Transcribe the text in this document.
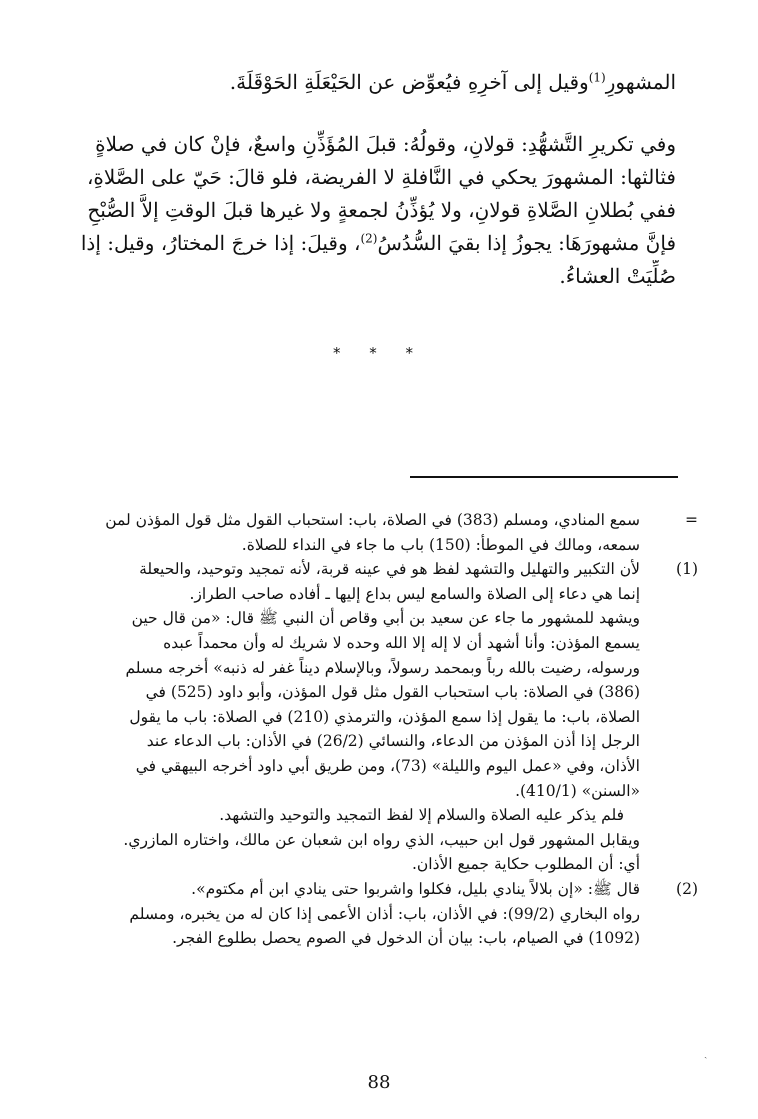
المشهورِ$^{(1)}$وقيل إلى آخرِهِ فيُعوِّض عن الحَيْعَلَةِ الحَوْقَلَةَ.
وفي تكريرِ التَّشهُّدِ: قولانِ، وقولُهُ: قبلَ المُؤَذِّنِ واسعٌ، فإنْ كان في صلاةٍ
فثالثها: المشهورَ يحكي في النَّافلةِ لا الفريضة، فلو قالَ: حَيّ على الصَّلاةِ،
ففي بُطلانِ الصَّلاةِ قولانِ، ولا يُؤذِّنُ لجمعةٍ ولا غيرها قبلَ الوقتِ إلاَّ الصُّبْحِ
فإنَّ مشهورَهَا: يجوزُ إذا بقيَ السُّدُسُ$^{(2)}$، وقيلَ: إذا خرجَ المختارُ، وقيل: إذا
صُلِّيَتْ العشاءُ.
* * *
=
سمع المنادي، ومسلم (383) في الصلاة، باب: استحباب القول مثل قول المؤذن لمن
سمعه، ومالك في الموطأ: (150) باب ما جاء في النداء للصلاة.
(1)
لأن التكبير والتهليل والتشهد لفظ هو في عينه قربة، لأنه تمجيد وتوحيد، والحيعلة
إنما هي دعاء إلى الصلاة والسامع ليس بداع إليها ـ أفاده صاحب الطراز.
ويشهد للمشهور ما جاء عن سعيد بن أبي وقاص أن النبي ﷺ قال: «من قال حين
يسمع المؤذن: وأنا أشهد أن لا إله إلا الله وحده لا شريك له وأن محمداً عبده
ورسوله، رضيت بالله رباً وبمحمد رسولاً، وبالإسلام ديناً غفر له ذنبه» أخرجه مسلم
(386) في الصلاة: باب استحباب القول مثل قول المؤذن، وأبو داود (525) في
الصلاة، باب: ما يقول إذا سمع المؤذن، والترمذي (210) في الصلاة: باب ما يقول
الرجل إذا أذن المؤذن من الدعاء، والنسائي (26/2) في الأذان: باب الدعاء عند
الأذان، وفي «عمل اليوم والليلة» (73)، ومن طريق أبي داود أخرجه البيهقي في
«السنن» (410/1).
فلم يذكر عليه الصلاة والسلام إلا لفظ التمجيد والتوحيد والتشهد.
ويقابل المشهور قول ابن حبيب، الذي رواه ابن شعبان عن مالك، واختاره المازري.
أي: أن المطلوب حكاية جميع الأذان.
(2)
قال ﷺ: «إن بلالاً ينادي بليل، فكلوا واشربوا حتى ينادي ابن أم مكتوم».
رواه البخاري (99/2): في الأذان، باب: أذان الأعمى إذا كان له من يخبره، ومسلم
(1092) في الصيام، باب: بيان أن الدخول في الصوم يحصل بطلوع الفجر.
ˏ
88
